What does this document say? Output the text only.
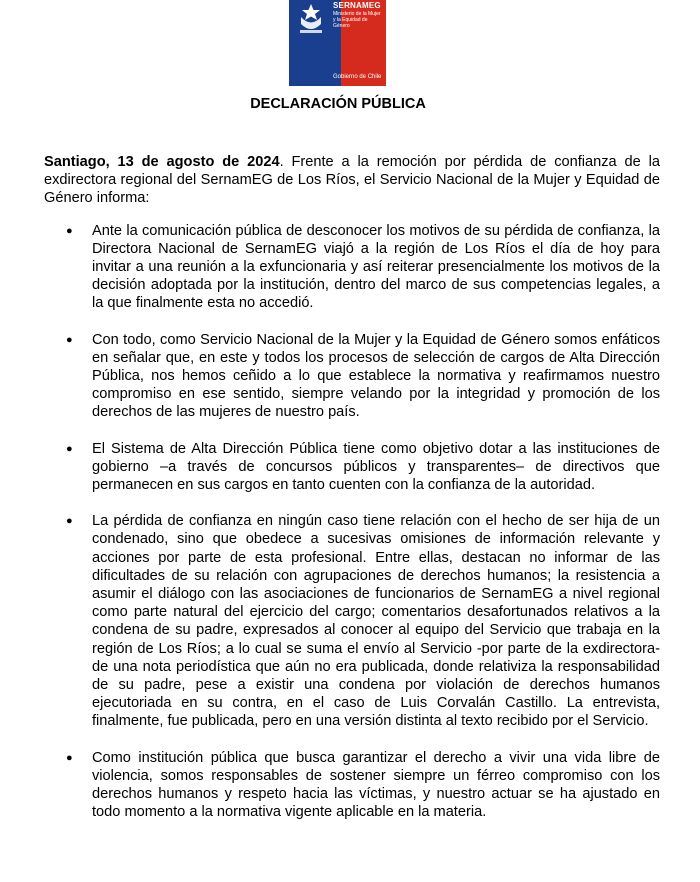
SERNAMEG
Ministerio de la Mujer y la Equidad de Género
Gobierno de Chile
DECLARACIÓN PÚBLICA

Santiago, 13 de agosto de 2024. Frente a la remoción por pérdida de confianza de la exdirectora regional del SernamEG de Los Ríos, el Servicio Nacional de la Mujer y Equidad de Género informa:

● Ante la comunicación pública de desconocer los motivos de su pérdida de confianza, la Directora Nacional de SernamEG viajó a la región de Los Ríos el día de hoy para invitar a una reunión a la exfuncionaria y así reiterar presencialmente los motivos de la decisión adoptada por la institución, dentro del marco de sus competencias legales, a la que finalmente esta no accedió.
● Con todo, como Servicio Nacional de la Mujer y la Equidad de Género somos enfáticos en señalar que, en este y todos los procesos de selección de cargos de Alta Dirección Pública, nos hemos ceñido a lo que establece la normativa y reafirmamos nuestro compromiso en ese sentido, siempre velando por la integridad y promoción de los derechos de las mujeres de nuestro país.
● El Sistema de Alta Dirección Pública tiene como objetivo dotar a las instituciones de gobierno –a través de concursos públicos y transparentes– de directivos que permanecen en sus cargos en tanto cuenten con la confianza de la autoridad.
● La pérdida de confianza en ningún caso tiene relación con el hecho de ser hija de un condenado, sino que obedece a sucesivas omisiones de información relevante y acciones por parte de esta profesional. Entre ellas, destacan no informar de las dificultades de su relación con agrupaciones de derechos humanos; la resistencia a asumir el diálogo con las asociaciones de funcionarios de SernamEG a nivel regional como parte natural del ejercicio del cargo; comentarios desafortunados relativos a la condena de su padre, expresados al conocer al equipo del Servicio que trabaja en la región de Los Ríos; a lo cual se suma el envío al Servicio -por parte de la exdirectora- de una nota periodística que aún no era publicada, donde relativiza la responsabilidad de su padre, pese a existir una condena por violación de derechos humanos ejecutoriada en su contra, en el caso de Luis Corvalán Castillo. La entrevista, finalmente, fue publicada, pero en una versión distinta al texto recibido por el Servicio.
● Como institución pública que busca garantizar el derecho a vivir una vida libre de violencia, somos responsables de sostener siempre un férreo compromiso con los derechos humanos y respeto hacia las víctimas, y nuestro actuar se ha ajustado en todo momento a la normativa vigente aplicable en la materia.
